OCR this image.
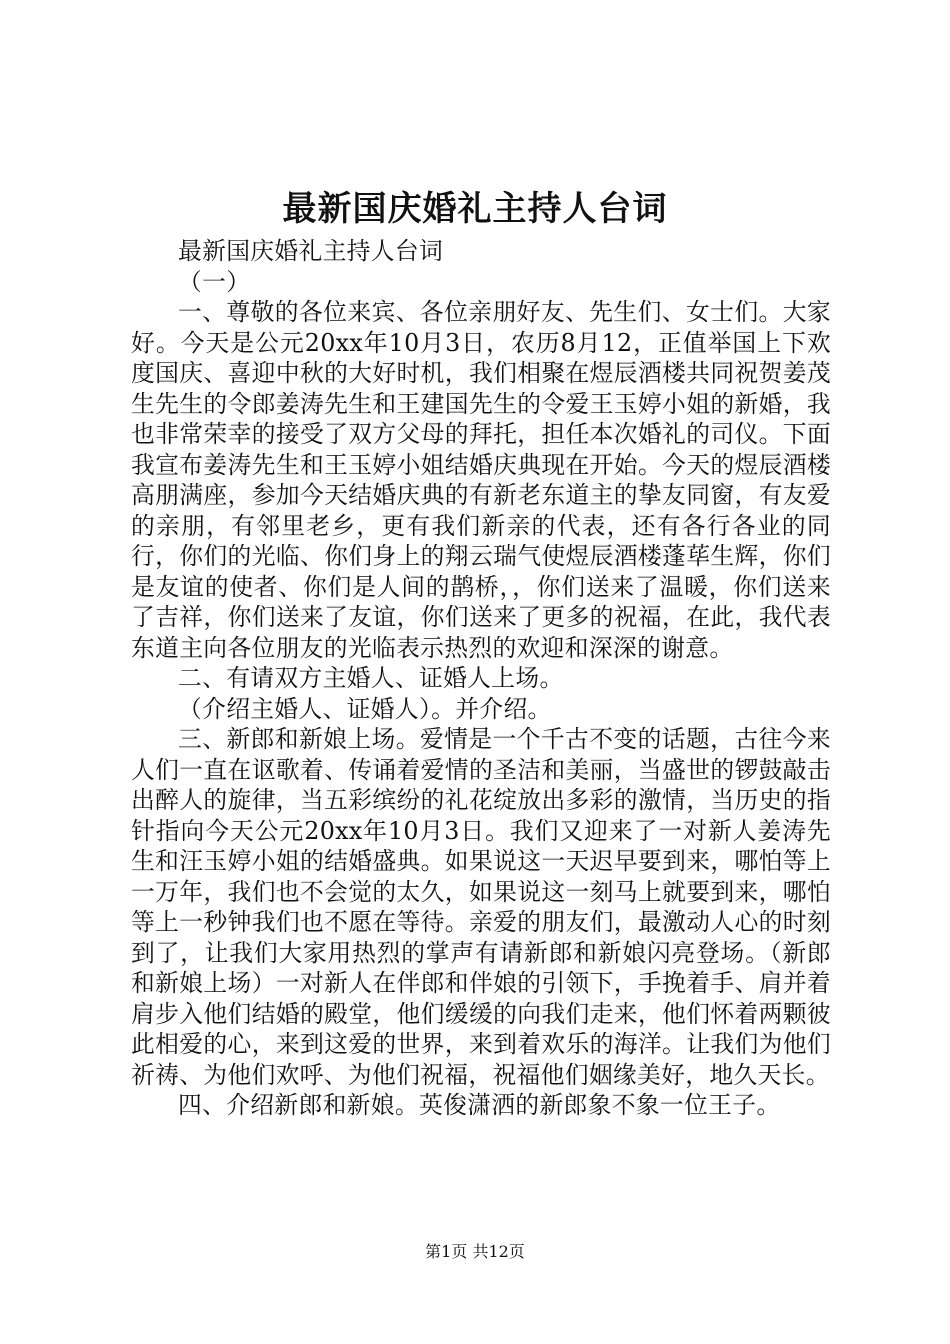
最新国庆婚礼主持人台词

最新国庆婚礼主持人台词

（一）

一、尊敬的各位来宾、各位亲朋好友、先生们、女士们。大家好。今天是公元20xx年10月3日，农历8月12，正值举国上下欢度国庆、喜迎中秋的大好时机，我们相聚在煜辰酒楼共同祝贺姜茂生先生的令郎姜涛先生和王建国先生的令爱王玉婷小姐的新婚，我也非常荣幸的接受了双方父母的拜托，担任本次婚礼的司仪。下面我宣布姜涛先生和王玉婷小姐结婚庆典现在开始。今天的煜辰酒楼高朋满座，参加今天结婚庆典的有新老东道主的挚友同窗，有友爱的亲朋，有邻里老乡，更有我们新亲的代表，还有各行各业的同行，你们的光临、你们身上的翔云瑞气使煜辰酒楼蓬荜生辉，你们是友谊的使者、你们是人间的鹊桥，，你们送来了温暖，你们送来了吉祥，你们送来了友谊，你们送来了更多的祝福，在此，我代表东道主向各位朋友的光临表示热烈的欢迎和深深的谢意。

二、有请双方主婚人、证婚人上场。

（介绍主婚人、证婚人）。并介绍。

三、新郎和新娘上场。爱情是一个千古不变的话题，古往今来人们一直在讴歌着、传诵着爱情的圣洁和美丽，当盛世的锣鼓敲击出醉人的旋律，当五彩缤纷的礼花绽放出多彩的激情，当历史的指针指向今天公元20xx年10月3日。我们又迎来了一对新人姜涛先生和汪玉婷小姐的结婚盛典。如果说这一天迟早要到来，哪怕等上一万年，我们也不会觉的太久，如果说这一刻马上就要到来，哪怕等上一秒钟我们也不愿在等待。亲爱的朋友们，最激动人心的时刻到了，让我们大家用热烈的掌声有请新郎和新娘闪亮登场。（新郎和新娘上场）一对新人在伴郎和伴娘的引领下，手挽着手、肩并着肩步入他们结婚的殿堂，他们缓缓的向我们走来，他们怀着两颗彼此相爱的心，来到这爱的世界，来到着欢乐的海洋。让我们为他们祈祷、为他们欢呼、为他们祝福，祝福他们姻缘美好，地久天长。

四、介绍新郎和新娘。英俊潇洒的新郎象不象一位王子。

第1页 共12页
